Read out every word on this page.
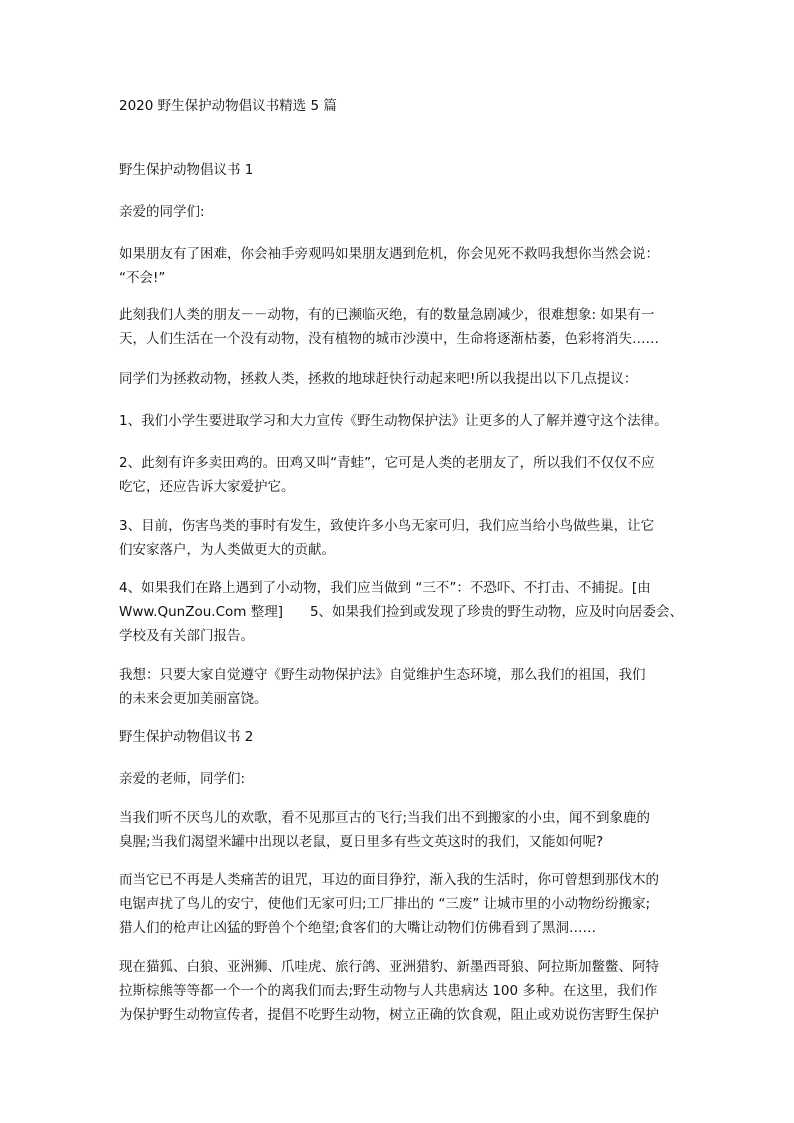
2020 野生保护动物倡议书精选 5 篇

野生保护动物倡议书 1

亲爱的同学们:

如果朋友有了困难，你会袖手旁观吗如果朋友遇到危机，你会见死不救吗我想你当然会说：

“不会!”

此刻我们人类的朋友－－动物，有的已濒临灭绝，有的数量急剧减少，很难想象: 如果有一

天，人们生活在一个没有动物，没有植物的城市沙漠中，生命将逐渐枯萎，色彩将消失……

同学们为拯救动物，拯救人类，拯救的地球赶快行动起来吧!所以我提出以下几点提议：

1、我们小学生要进取学习和大力宣传《野生动物保护法》让更多的人了解并遵守这个法律。

2、此刻有许多卖田鸡的。田鸡又叫“青蛙”，它可是人类的老朋友了，所以我们不仅仅不应

吃它，还应告诉大家爱护它。

3、目前，伤害鸟类的事时有发生，致使许多小鸟无家可归，我们应当给小鸟做些巢，让它

们安家落户，为人类做更大的贡献。

4、如果我们在路上遇到了小动物，我们应当做到 “三不”：不恐吓、不打击、不捕捉。[由

Www.QunZou.Com 整理]　　5、如果我们捡到或发现了珍贵的野生动物，应及时向居委会、

学校及有关部门报告。

我想：只要大家自觉遵守《野生动物保护法》自觉维护生态环境，那么我们的祖国，我们

的未来会更加美丽富饶。

野生保护动物倡议书 2

亲爱的老师，同学们:

当我们听不厌鸟儿的欢歌，看不见那亘古的飞行;当我们出不到搬家的小虫，闻不到象鹿的

臭腥;当我们渴望米罐中出现以老鼠，夏日里多有些文英这时的我们，又能如何呢?

而当它已不再是人类痛苦的诅咒，耳边的面目狰狞，渐入我的生活时，你可曾想到那伐木的

电锯声扰了鸟儿的安宁，使他们无家可归;工厂排出的 “三废” 让城市里的小动物纷纷搬家;

猎人们的枪声让凶猛的野兽个个绝望;食客们的大嘴让动物们仿佛看到了黑洞……

现在猫狐、白狼、亚洲狮、爪哇虎、旅行鸽、亚洲猎豹、新墨西哥狼、阿拉斯加鳖鳖、阿特

拉斯棕熊等等都一个一个的离我们而去;野生动物与人共患病达 100 多种。在这里，我们作

为保护野生动物宣传者，提倡不吃野生动物，树立正确的饮食观，阻止或劝说伤害野生保护
